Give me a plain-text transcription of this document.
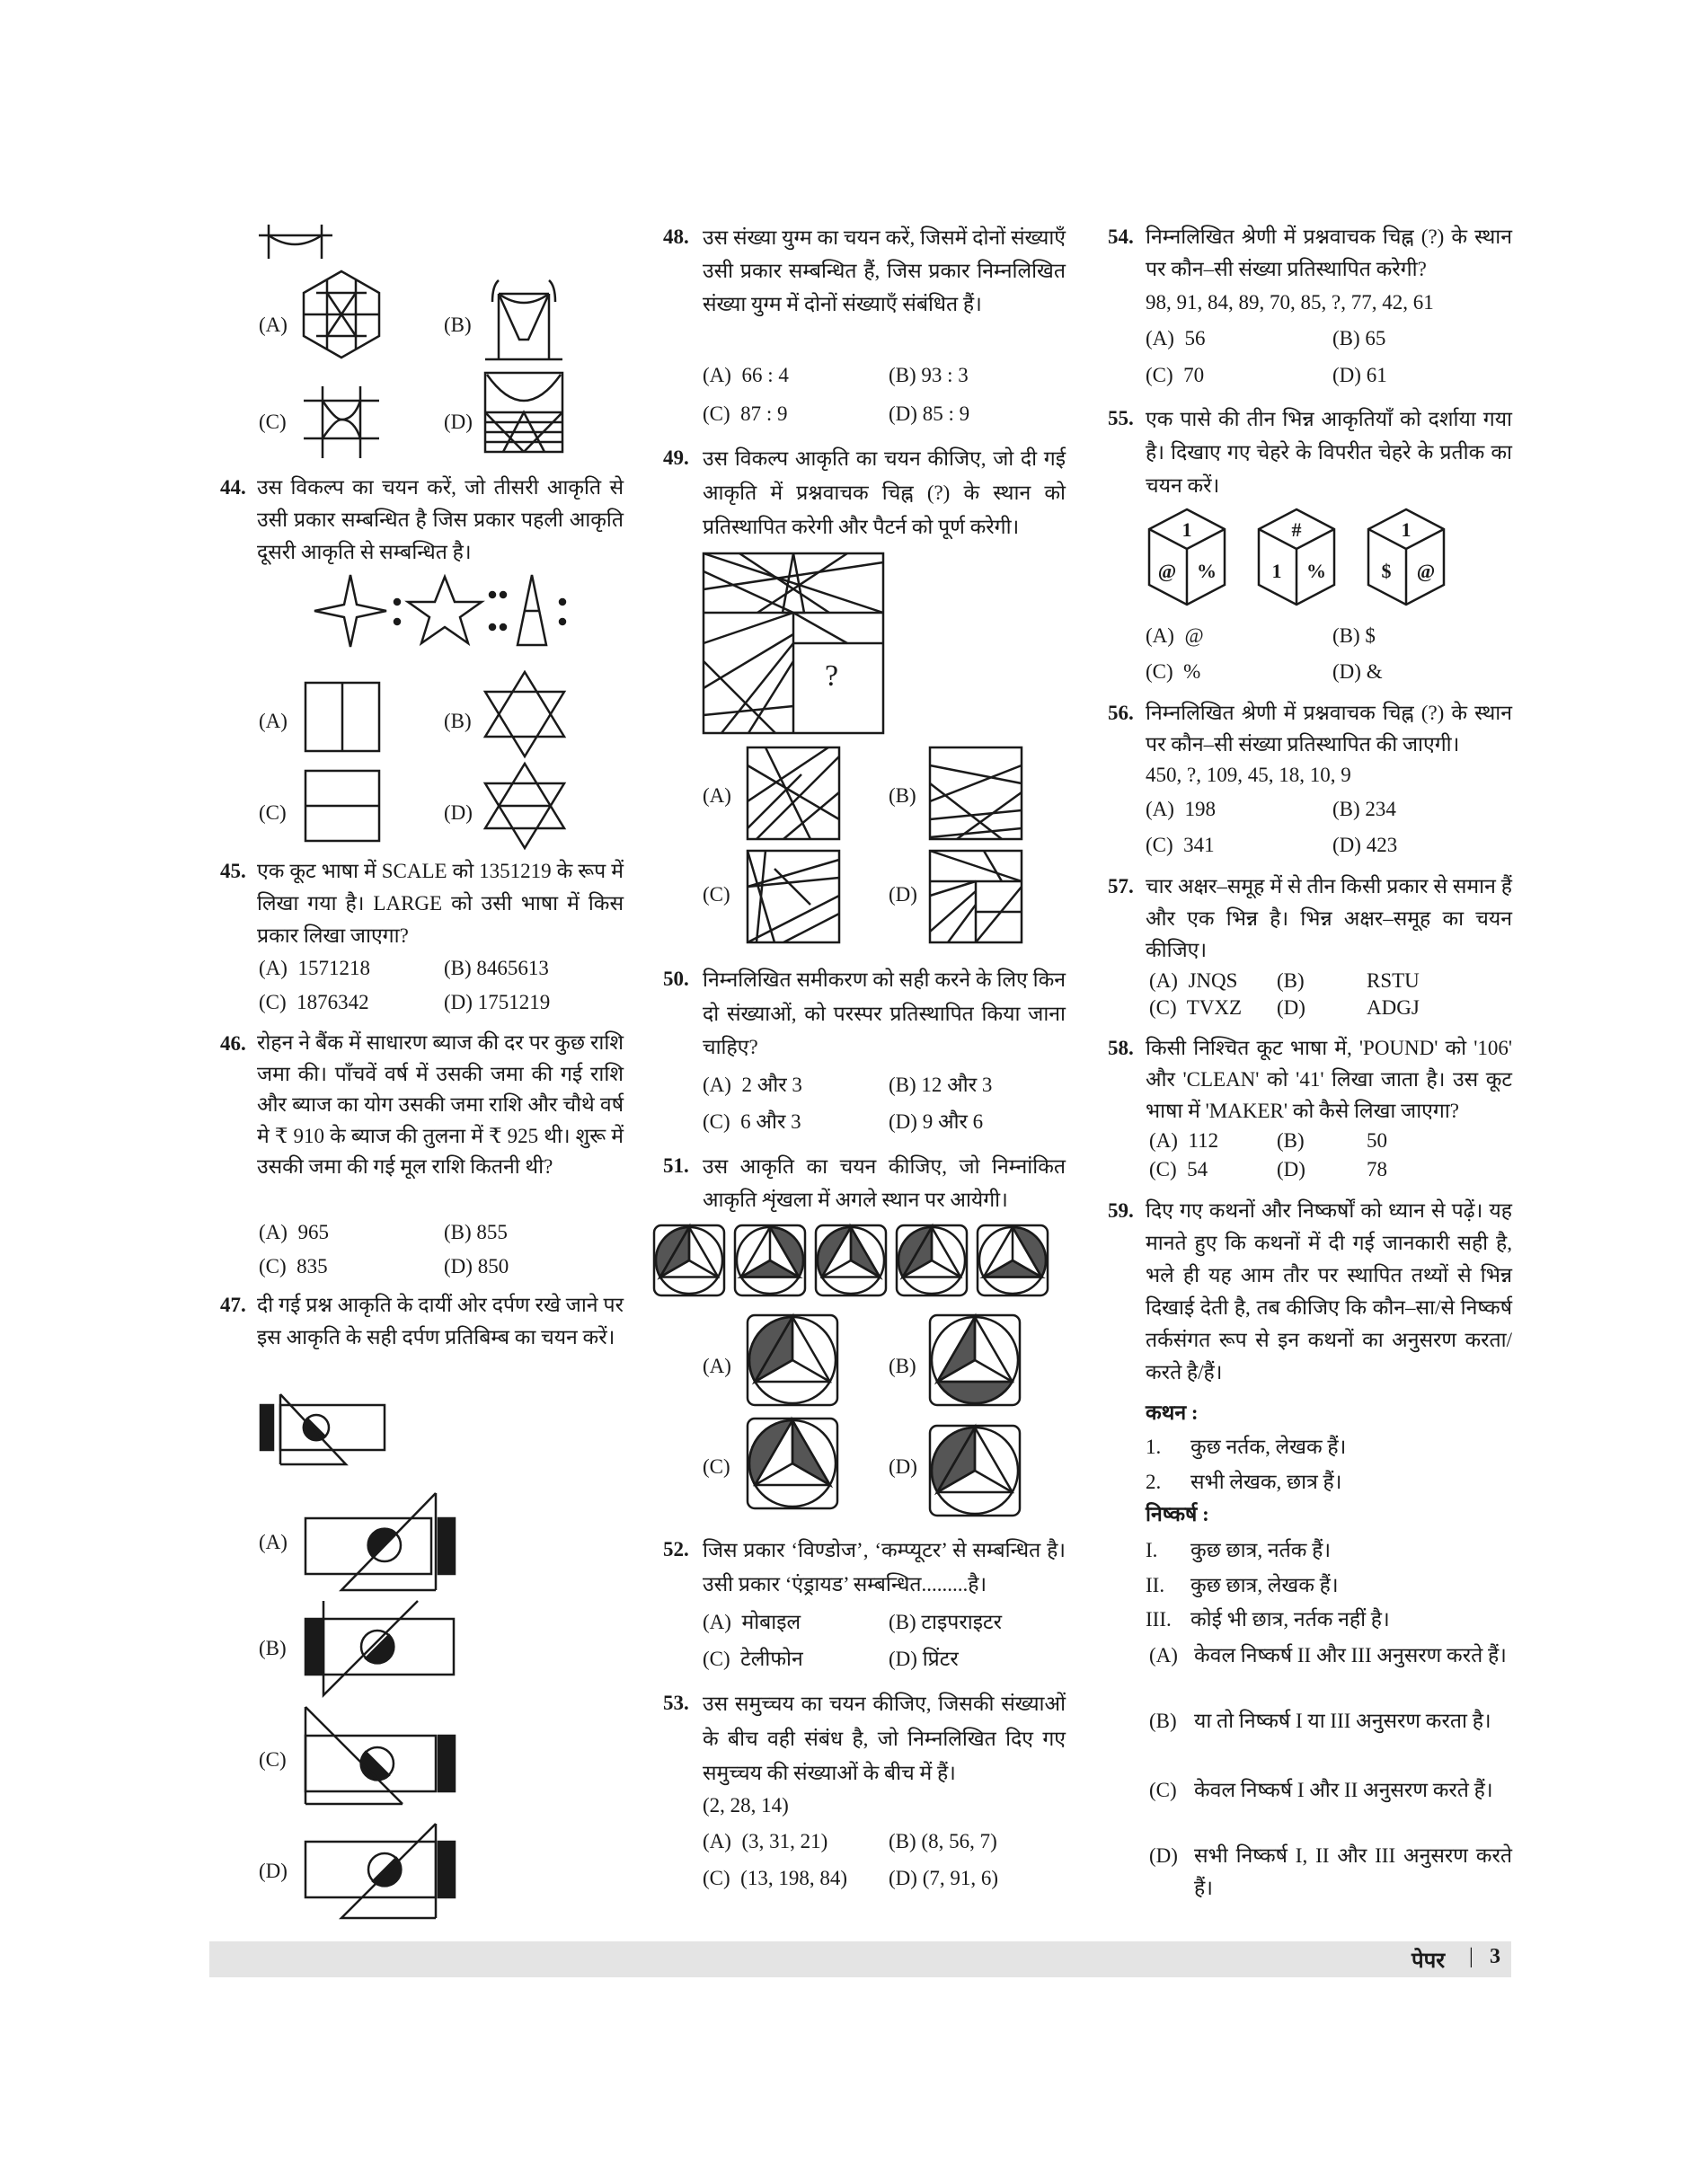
(A)	(B)
(C)	(D)
44. उस विकल्प का चयन करें, जो तीसरी आकृति से उसी प्रकार सम्बन्धित है जिस प्रकार पहली आकृति दूसरी आकृति से सम्बन्धित है।
(A)	(B)
(C)	(D)
45. एक कूट भाषा में SCALE को 1351219 के रूप में लिखा गया है। LARGE को उसी भाषा में किस प्रकार लिखा जाएगा?
(A) 1571218	(B) 8465613
(C) 1876342	(D) 1751219
46. रोहन ने बैंक में साधारण ब्याज की दर पर कुछ राशि जमा की। पाँचवें वर्ष में उसकी जमा की गई राशि और ब्याज का योग उसकी जमा राशि और चौथे वर्ष मे ₹ 910 के ब्याज की तुलना में ₹ 925 थी। शुरू में उसकी जमा की गई मूल राशि कितनी थी?
(A) 965	(B) 855
(C) 835	(D) 850
47. दी गई प्रश्न आकृति के दायीं ओर दर्पण रखे जाने पर इस आकृति के सही दर्पण प्रतिबिम्ब का चयन करें।
(A)
(B)
(C)
(D)
48. उस संख्या युग्म का चयन करें, जिसमें दोनों संख्याएँ उसी प्रकार सम्बन्धित हैं, जिस प्रकार निम्नलिखित संख्या युग्म में दोनों संख्याएँ संबंधित हैं।
(A) 66 : 4	(B) 93 : 3
(C) 87 : 9	(D) 85 : 9
49. उस विकल्प आकृति का चयन कीजिए, जो दी गई आकृति में प्रश्नवाचक चिह्न (?) के स्थान को प्रतिस्थापित करेगी और पैटर्न को पूर्ण करेगी।
?
(A)	(B)
(C)	(D)
50. निम्नलिखित समीकरण को सही करने के लिए किन दो संख्याओं, को परस्पर प्रतिस्थापित किया जाना चाहिए?
(A) 2 और 3	(B) 12 और 3
(C) 6 और 3	(D) 9 और 6
51. उस आकृति का चयन कीजिए, जो निम्नांकित आकृति शृंखला में अगले स्थान पर आयेगी।
(A)	(B)
(C)	(D)
52. जिस प्रकार ‘विण्डोज’, ‘कम्प्यूटर’ से सम्बन्धित है। उसी प्रकार ‘एंड्रायड’ सम्बन्धित.........है।
(A) मोबाइल	(B) टाइपराइटर
(C) टेलीफोन	(D) प्रिंटर
53. उस समुच्चय का चयन कीजिए, जिसकी संख्याओं के बीच वही संबंध है, जो निम्नलिखित दिए गए समुच्चय की संख्याओं के बीच में हैं।
(2, 28, 14)
(A) (3, 31, 21)	(B) (8, 56, 7)
(C) (13, 198, 84) (D) (7, 91, 6)
54. निम्नलिखित श्रेणी में प्रश्नवाचक चिह्न (?) के स्थान पर कौन–सी संख्या प्रतिस्थापित करेगी?
98, 91, 84, 89, 70, 85, ?, 77, 42, 61
(A) 56	(B) 65
(C) 70	(D) 61
55. एक पासे की तीन भिन्न आकृतियाँ को दर्शाया गया है। दिखाए गए चेहरे के विपरीत चेहरे के प्रतीक का चयन करें।
1
@ %
#
1 %
1
$ @
(A) @	(B) $
(C) %	(D) &
56. निम्नलिखित श्रेणी में प्रश्नवाचक चिह्न (?) के स्थान पर कौन–सी संख्या प्रतिस्थापित की जाएगी।
450, ?, 109, 45, 18, 10, 9
(A) 198	(B) 234
(C) 341	(D) 423
57. चार अक्षर–समूह में से तीन किसी प्रकार से समान हैं और एक भिन्न है। भिन्न अक्षर–समूह का चयन कीजिए।
(A) JNQS (B)	RSTU
(C) TVXZ (D)	ADGJ
58. किसी निश्चित कूट भाषा में, 'POUND' को '106' और 'CLEAN' को '41' लिखा जाता है। उस कूट भाषा में 'MAKER' को कैसे लिखा जाएगा?
(A) 112	(B)	50
(C) 54	(D)	78
59. दिए गए कथनों और निष्कर्षों को ध्यान से पढ़ें। यह मानते हुए कि कथनों में दी गई जानकारी सही है, भले ही यह आम तौर पर स्थापित तथ्यों से भिन्न दिखाई देती है, तब कीजिए कि कौन–सा/से निष्कर्ष तर्कसंगत रूप से इन कथनों का अनुसरण करता/करते है/हैं।
कथन :
1. कुछ नर्तक, लेखक हैं।
2. सभी लेखक, छात्र हैं।
निष्कर्ष :
I. कुछ छात्र, नर्तक हैं।
II. कुछ छात्र, लेखक हैं।
III. कोई भी छात्र, नर्तक नहीं है।
(A) केवल निष्कर्ष II और III अनुसरण करते हैं।
(B) या तो निष्कर्ष I या III अनुसरण करता है।
(C) केवल निष्कर्ष I और II अनुसरण करते हैं।
(D) सभी निष्कर्ष I, II और III अनुसरण करते हैं।
पेपर | 3
